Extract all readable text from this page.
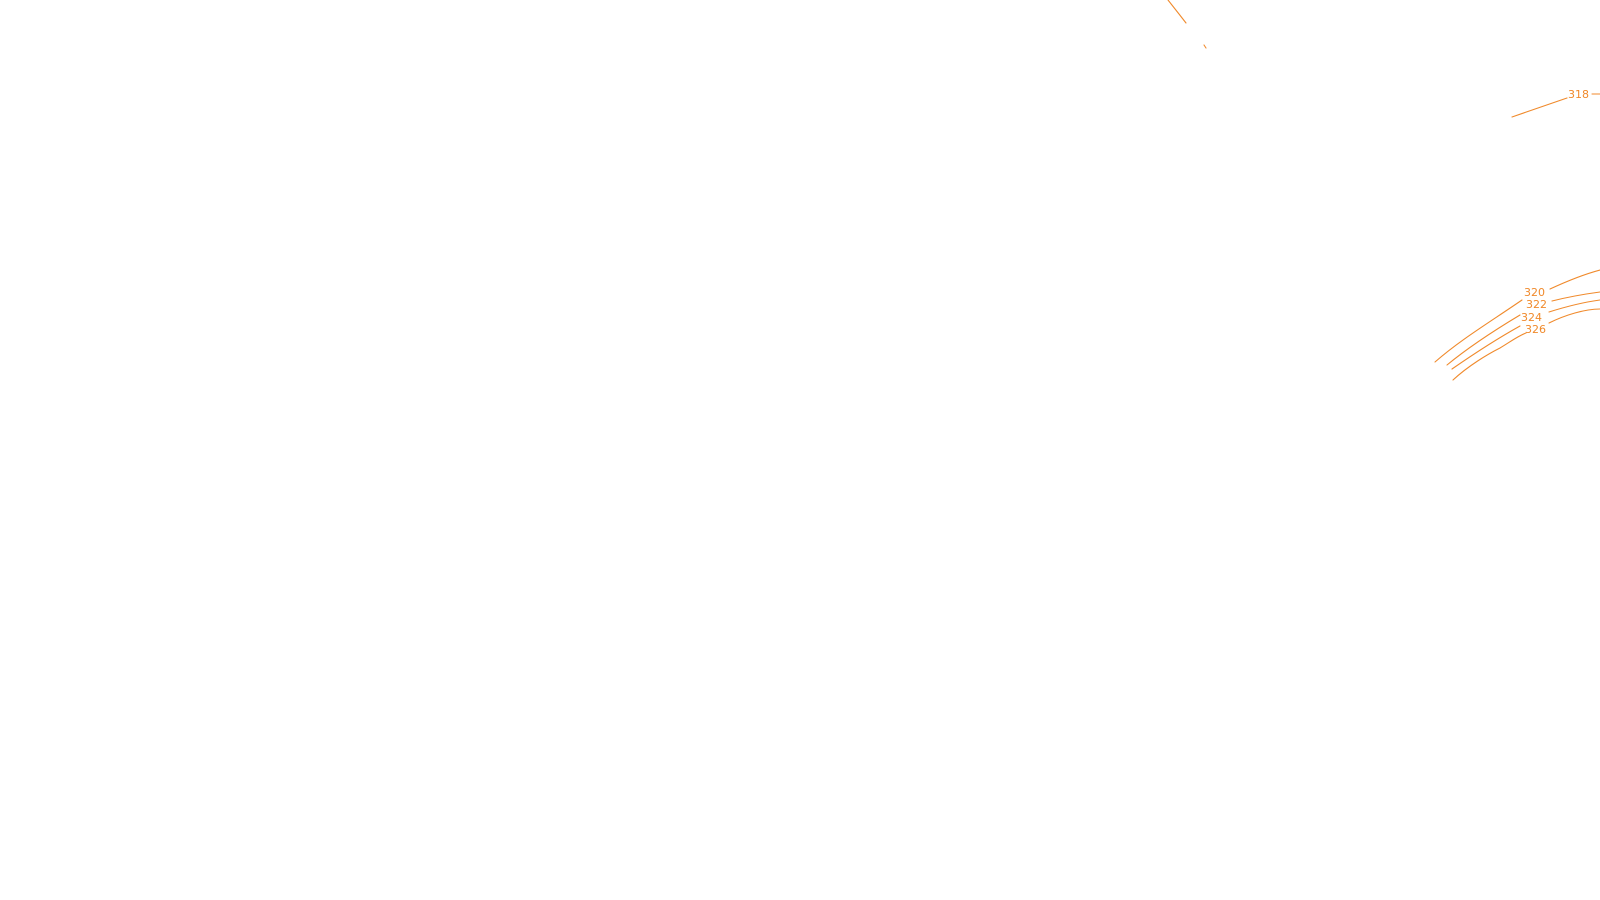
318
320
322
324
326
